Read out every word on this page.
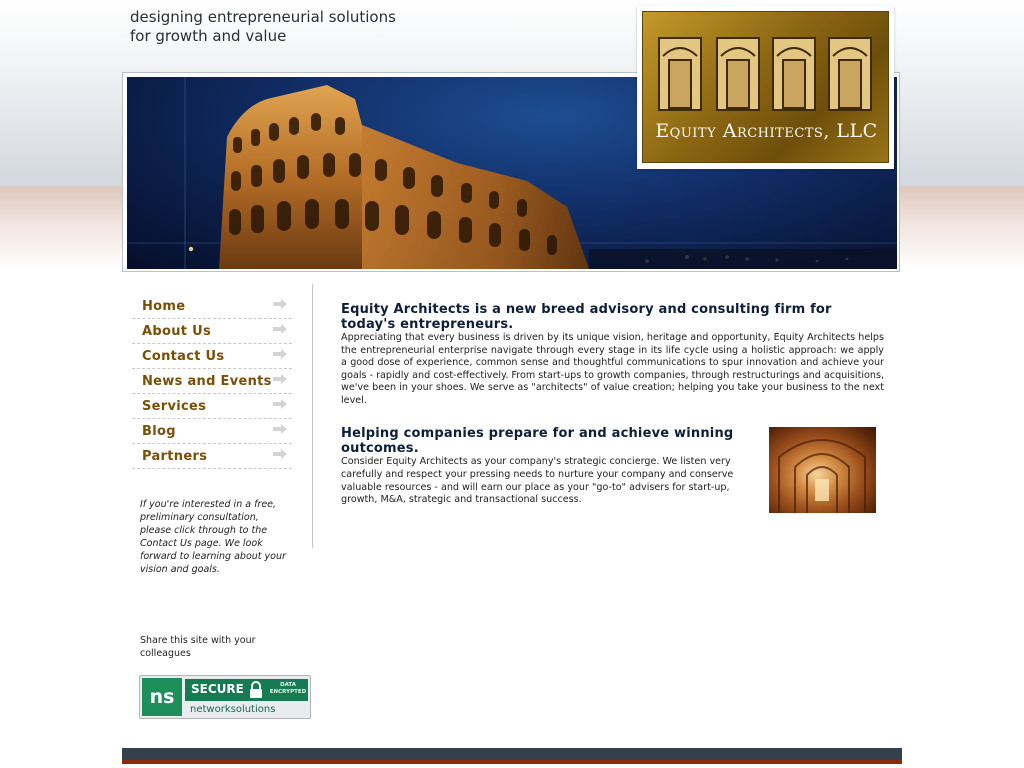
designing entrepreneurial solutions
for growth and value
Equity Architects, LLC
Home
About Us
Contact Us
News and Events
Services
Blog
Partners

If you're interested in a free, preliminary consultation, please click through to the Contact Us page. We look forward to learning about your vision and goals.

Share this site with your colleagues

ns	SECURE	DATA ENCRYPTED
networksolutions
Equity Architects is a new breed advisory and consulting firm for today's entrepreneurs.

Appreciating that every business is driven by its unique vision, heritage and opportunity, Equity Architects helps the entrepreneurial enterprise navigate through every stage in its life cycle using a holistic approach: we apply a good dose of experience, common sense and thoughtful communications to spur innovation and achieve your goals - rapidly and cost-effectively. From start-ups to growth companies, through restructurings and acquisitions, we've been in your shoes. We serve as "architects" of value creation; helping you take your business to the next level.

Helping companies prepare for and achieve winning outcomes.

Consider Equity Architects as your company's strategic concierge. We listen very carefully and respect your pressing needs to nurture your company and conserve valuable resources - and will earn our place as your "go-to" advisers for start-up, growth, M&A, strategic and transactional success.
